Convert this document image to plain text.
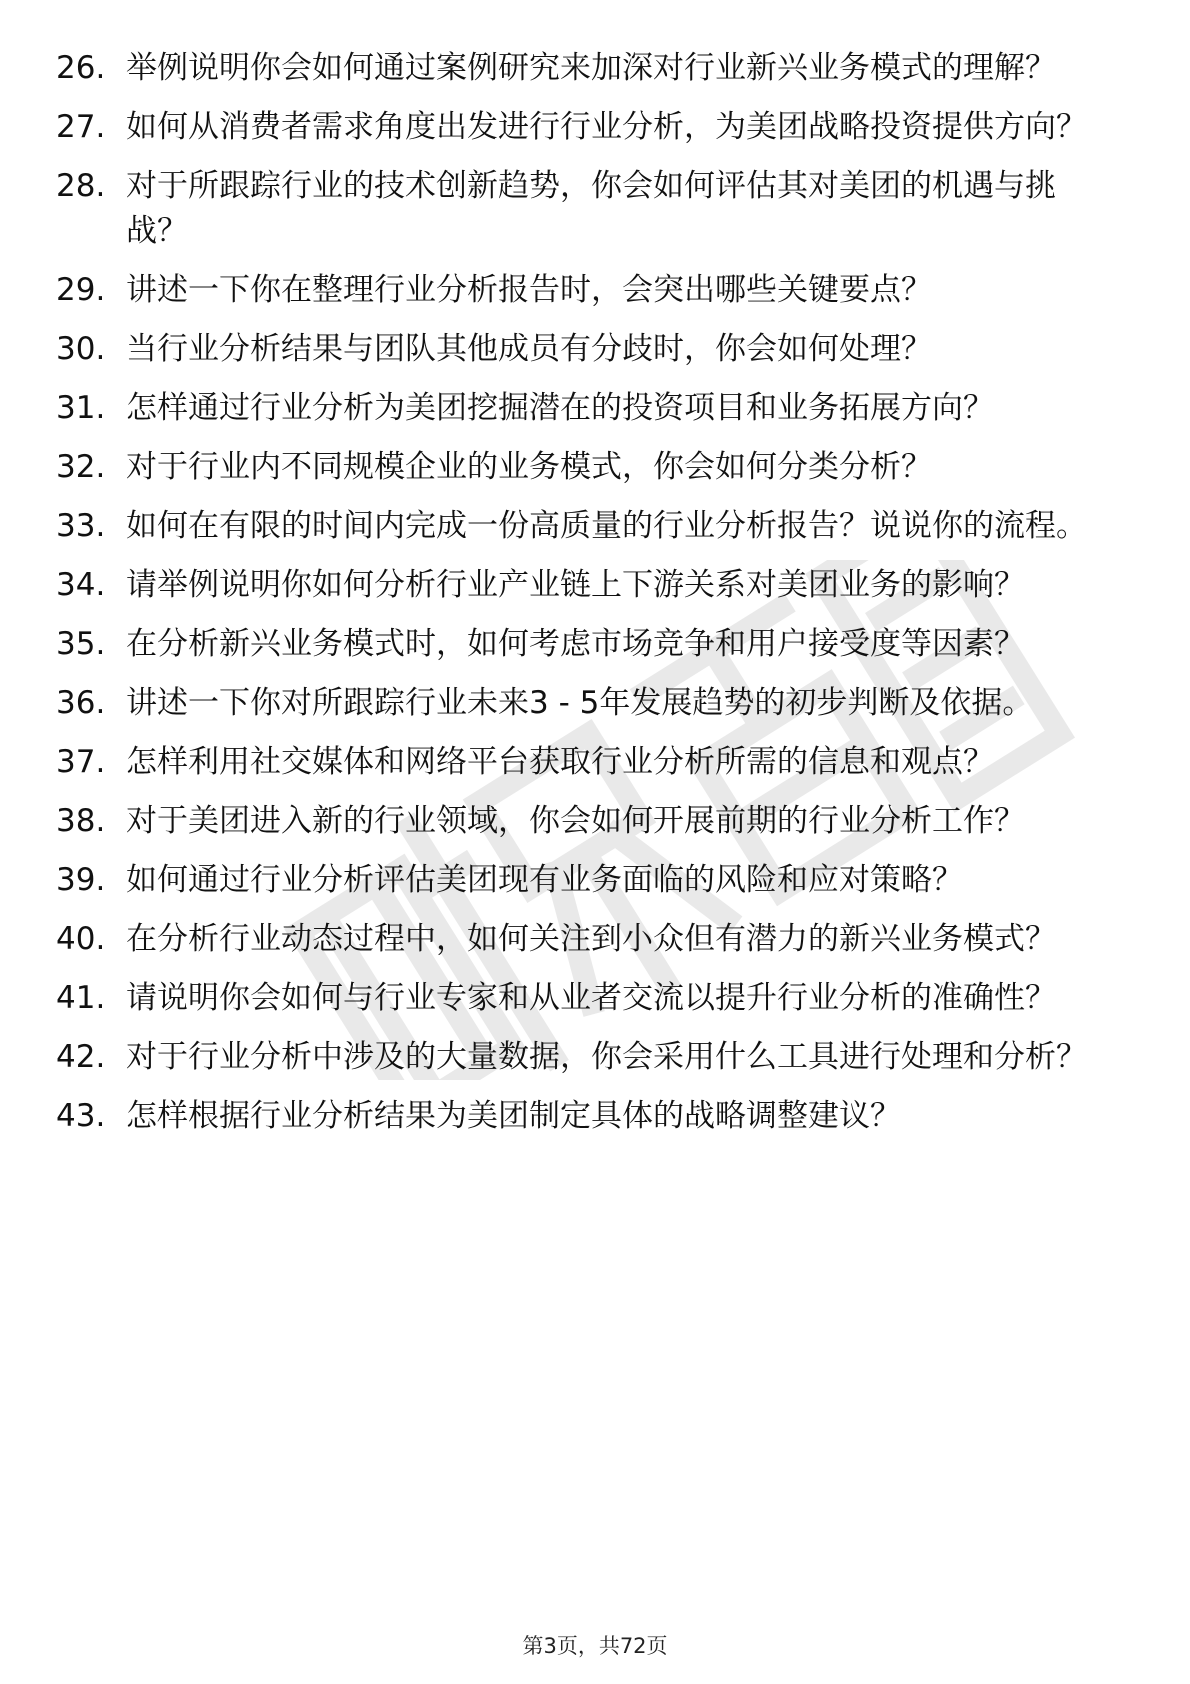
26. 举例说明你会如何通过案例研究来加深对行业新兴业务模式的理解？
27. 如何从消费者需求角度出发进行行业分析，为美团战略投资提供方向？
28. 对于所跟踪行业的技术创新趋势，你会如何评估其对美团的机遇与挑战？
29. 讲述一下你在整理行业分析报告时，会突出哪些关键要点？
30. 当行业分析结果与团队其他成员有分歧时，你会如何处理？
31. 怎样通过行业分析为美团挖掘潜在的投资项目和业务拓展方向？
32. 对于行业内不同规模企业的业务模式，你会如何分类分析？
33. 如何在有限的时间内完成一份高质量的行业分析报告？说说你的流程。
34. 请举例说明你如何分析行业产业链上下游关系对美团业务的影响？
35. 在分析新兴业务模式时，如何考虑市场竞争和用户接受度等因素？
36. 讲述一下你对所跟踪行业未来3 - 5年发展趋势的初步判断及依据。
37. 怎样利用社交媒体和网络平台获取行业分析所需的信息和观点？
38. 对于美团进入新的行业领域，你会如何开展前期的行业分析工作？
39. 如何通过行业分析评估美团现有业务面临的风险和应对策略？
40. 在分析行业动态过程中，如何关注到小众但有潜力的新兴业务模式？
41. 请说明你会如何与行业专家和从业者交流以提升行业分析的准确性？
42. 对于行业分析中涉及的大量数据，你会采用什么工具进行处理和分析？
43. 怎样根据行业分析结果为美团制定具体的战略调整建议？
第3页，共72页
